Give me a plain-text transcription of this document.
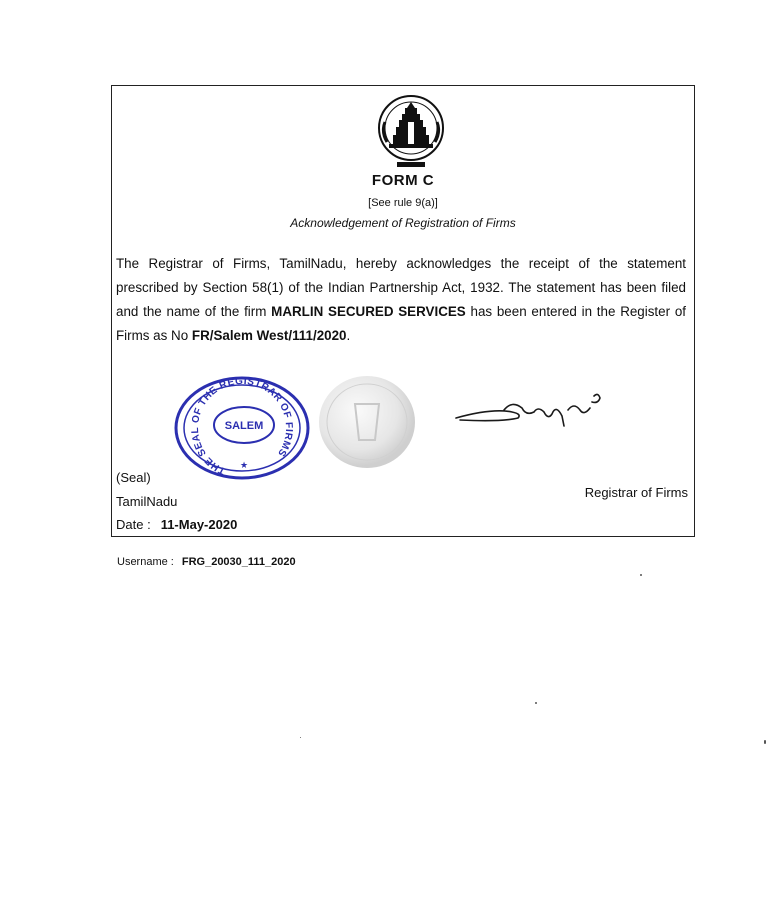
FORM C
[See rule 9(a)]
Acknowledgement of Registration of Firms
The Registrar of Firms, TamilNadu, hereby acknowledges the receipt of the statement prescribed by Section 58(1) of the Indian Partnership Act, 1932. The statement has been filed and the name of the firm MARLIN SECURED SERVICES has been entered in the Register of Firms as No FR/Salem West/111/2020.
THE SEAL OF THE REGISTRAR OF FIRMS
SALEM
★
(Seal)
TamilNadu
Registrar of Firms
Date : 11-May-2020
Username : FRG_20030_111_2020
